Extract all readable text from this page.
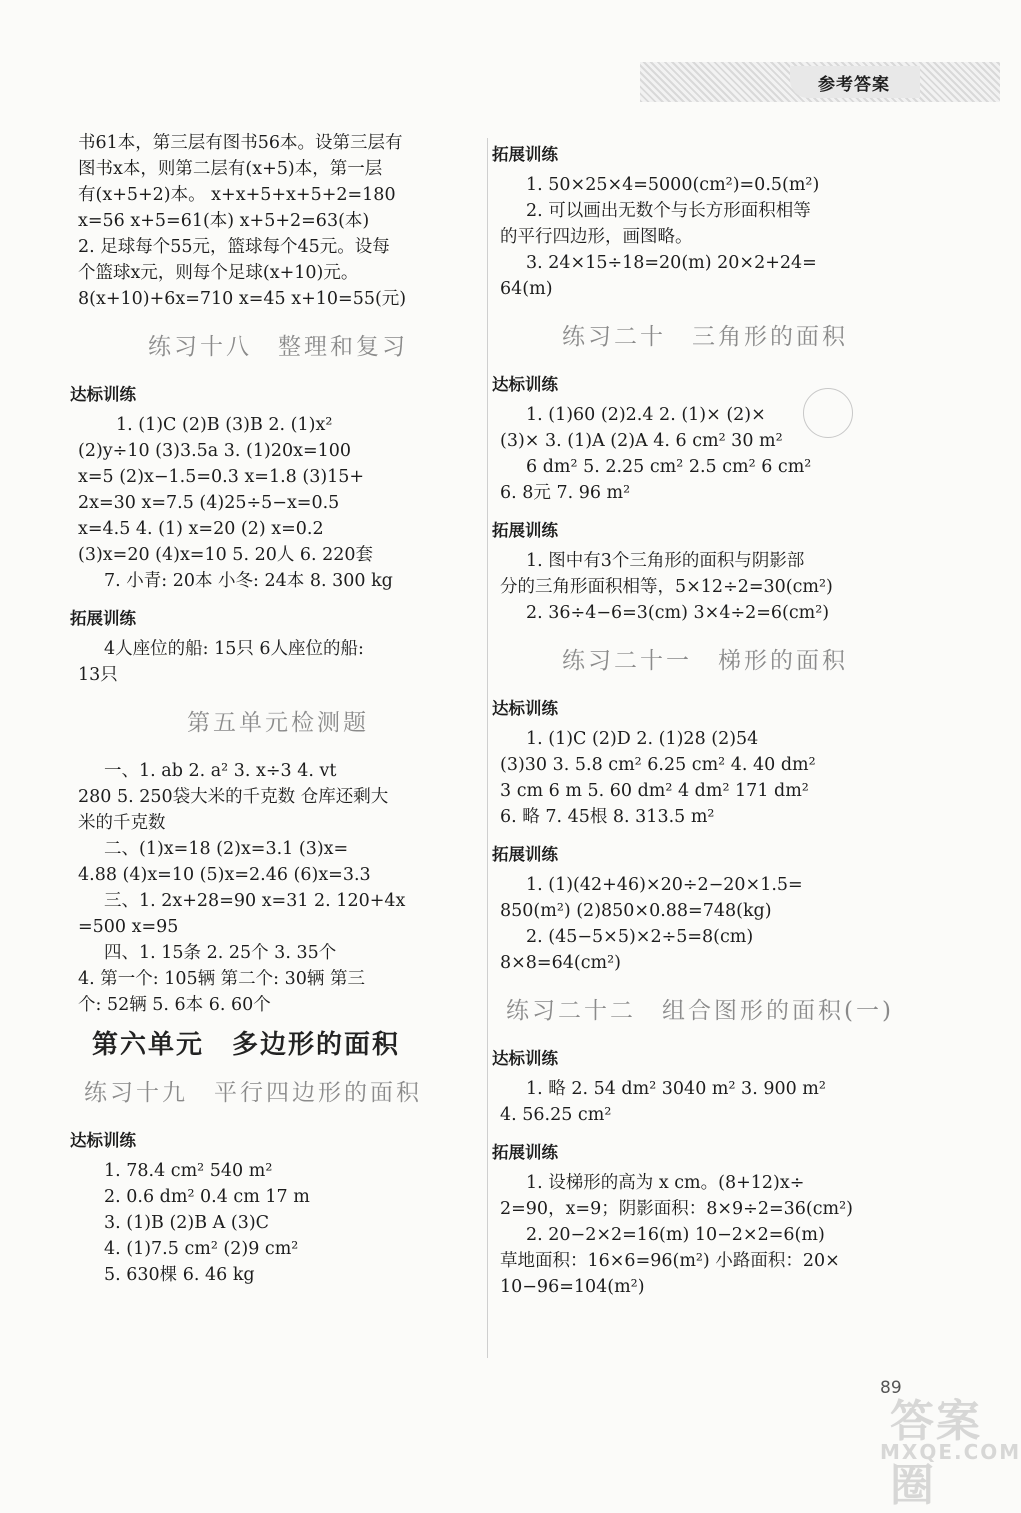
参考答案
书61本，第三层有图书56本。设第三层有
图书x本，则第二层有(x+5)本，第一层
有(x+5+2)本。 x+x+5+x+5+2=180
x=56 x+5=61(本) x+5+2=63(本)
2. 足球每个55元，篮球每个45元。设每
个篮球x元，则每个足球(x+10)元。
8(x+10)+6x=710 x=45 x+10=55(元)
练习十八　整理和复习
达标训练
1. (1)C (2)B (3)B 2. (1)x²
(2)y÷10 (3)3.5a 3. (1)20x=100
x=5 (2)x−1.5=0.3 x=1.8 (3)15+
2x=30 x=7.5 (4)25÷5−x=0.5
x=4.5 4. (1) x=20 (2) x=0.2
(3)x=20 (4)x=10 5. 20人 6. 220套
7. 小青: 20本 小冬: 24本 8. 300 kg
拓展训练
4人座位的船: 15只 6人座位的船:
13只
第五单元检测题
一、1. ab 2. a² 3. x÷3 4. vt
280 5. 250袋大米的千克数 仓库还剩大
米的千克数
二、(1)x=18 (2)x=3.1 (3)x=
4.88 (4)x=10 (5)x=2.46 (6)x=3.3
三、1. 2x+28=90 x=31 2. 120+4x
=500 x=95
四、1. 15条 2. 25个 3. 35个
4. 第一个: 105辆 第二个: 30辆 第三
个: 52辆 5. 6本 6. 60个
第六单元　多边形的面积
练习十九　平行四边形的面积
达标训练
1. 78.4 cm² 540 m²
2. 0.6 dm² 0.4 cm 17 m
3. (1)B (2)B A (3)C
4. (1)7.5 cm² (2)9 cm²
5. 630棵 6. 46 kg
拓展训练
1. 50×25×4=5000(cm²)=0.5(m²)
2. 可以画出无数个与长方形面积相等
的平行四边形，画图略。
3. 24×15÷18=20(m) 20×2+24=
64(m)
练习二十　三角形的面积
达标训练
1. (1)60 (2)2.4 2. (1)× (2)×
(3)× 3. (1)A (2)A 4. 6 cm² 30 m²
6 dm² 5. 2.25 cm² 2.5 cm² 6 cm²
6. 8元 7. 96 m²
拓展训练
1. 图中有3个三角形的面积与阴影部
分的三角形面积相等，5×12÷2=30(cm²)
2. 36÷4−6=3(cm) 3×4÷2=6(cm²)
练习二十一　梯形的面积
达标训练
1. (1)C (2)D 2. (1)28 (2)54
(3)30 3. 5.8 cm² 6.25 cm² 4. 40 dm²
3 cm 6 m 5. 60 dm² 4 dm² 171 dm²
6. 略 7. 45根 8. 313.5 m²
拓展训练
1. (1)(42+46)×20÷2−20×1.5=
850(m²) (2)850×0.88=748(kg)
2. (45−5×5)×2÷5=8(cm)
8×8=64(cm²)
练习二十二　组合图形的面积(一)
达标训练
1. 略 2. 54 dm² 3040 m² 3. 900 m²
4. 56.25 cm²
拓展训练
1. 设梯形的高为 x cm。(8+12)x÷
2=90，x=9；阴影面积：8×9÷2=36(cm²)
2. 20−2×2=16(m) 10−2×2=6(m)
草地面积：16×6=96(m²) 小路面积：20×
10−96=104(m²)
89
答案圈
MXQE.COM
